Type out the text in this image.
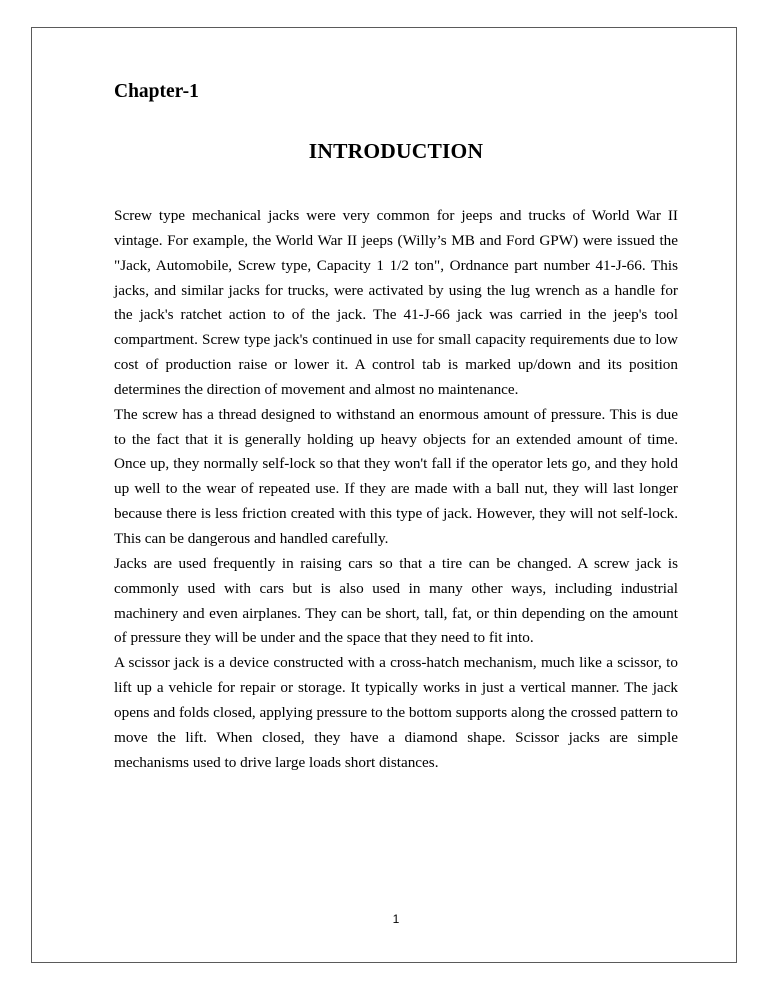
Chapter-1
INTRODUCTION

Screw type mechanical jacks were very common for jeeps and trucks of World War II vintage. For example, the World War II jeeps (Willy’s MB and Ford GPW) were issued the "Jack, Automobile, Screw type, Capacity 1 1/2 ton", Ordnance part number 41-J-66. This jacks, and similar jacks for trucks, were activated by using the lug wrench as a handle for the jack's ratchet action to of the jack. The 41-J-66 jack was carried in the jeep's tool compartment. Screw type jack's continued in use for small capacity requirements due to low cost of production raise or lower it. A control tab is marked up/down and its position determines the direction of movement and almost no maintenance.

The screw has a thread designed to withstand an enormous amount of pressure. This is due to the fact that it is generally holding up heavy objects for an extended amount of time. Once up, they normally self-lock so that they won't fall if the operator lets go, and they hold up well to the wear of repeated use. If they are made with a ball nut, they will last longer because there is less friction created with this type of jack. However, they will not self-lock. This can be dangerous and handled carefully.

Jacks are used frequently in raising cars so that a tire can be changed. A screw jack is commonly used with cars but is also used in many other ways, including industrial machinery and even airplanes. They can be short, tall, fat, or thin depending on the amount of pressure they will be under and the space that they need to fit into.

A scissor jack is a device constructed with a cross-hatch mechanism, much like a scissor, to lift up a vehicle for repair or storage. It typically works in just a vertical manner. The jack opens and folds closed, applying pressure to the bottom supports along the crossed pattern to move the lift. When closed, they have a diamond shape. Scissor jacks are simple mechanisms used to drive large loads short distances.

1
